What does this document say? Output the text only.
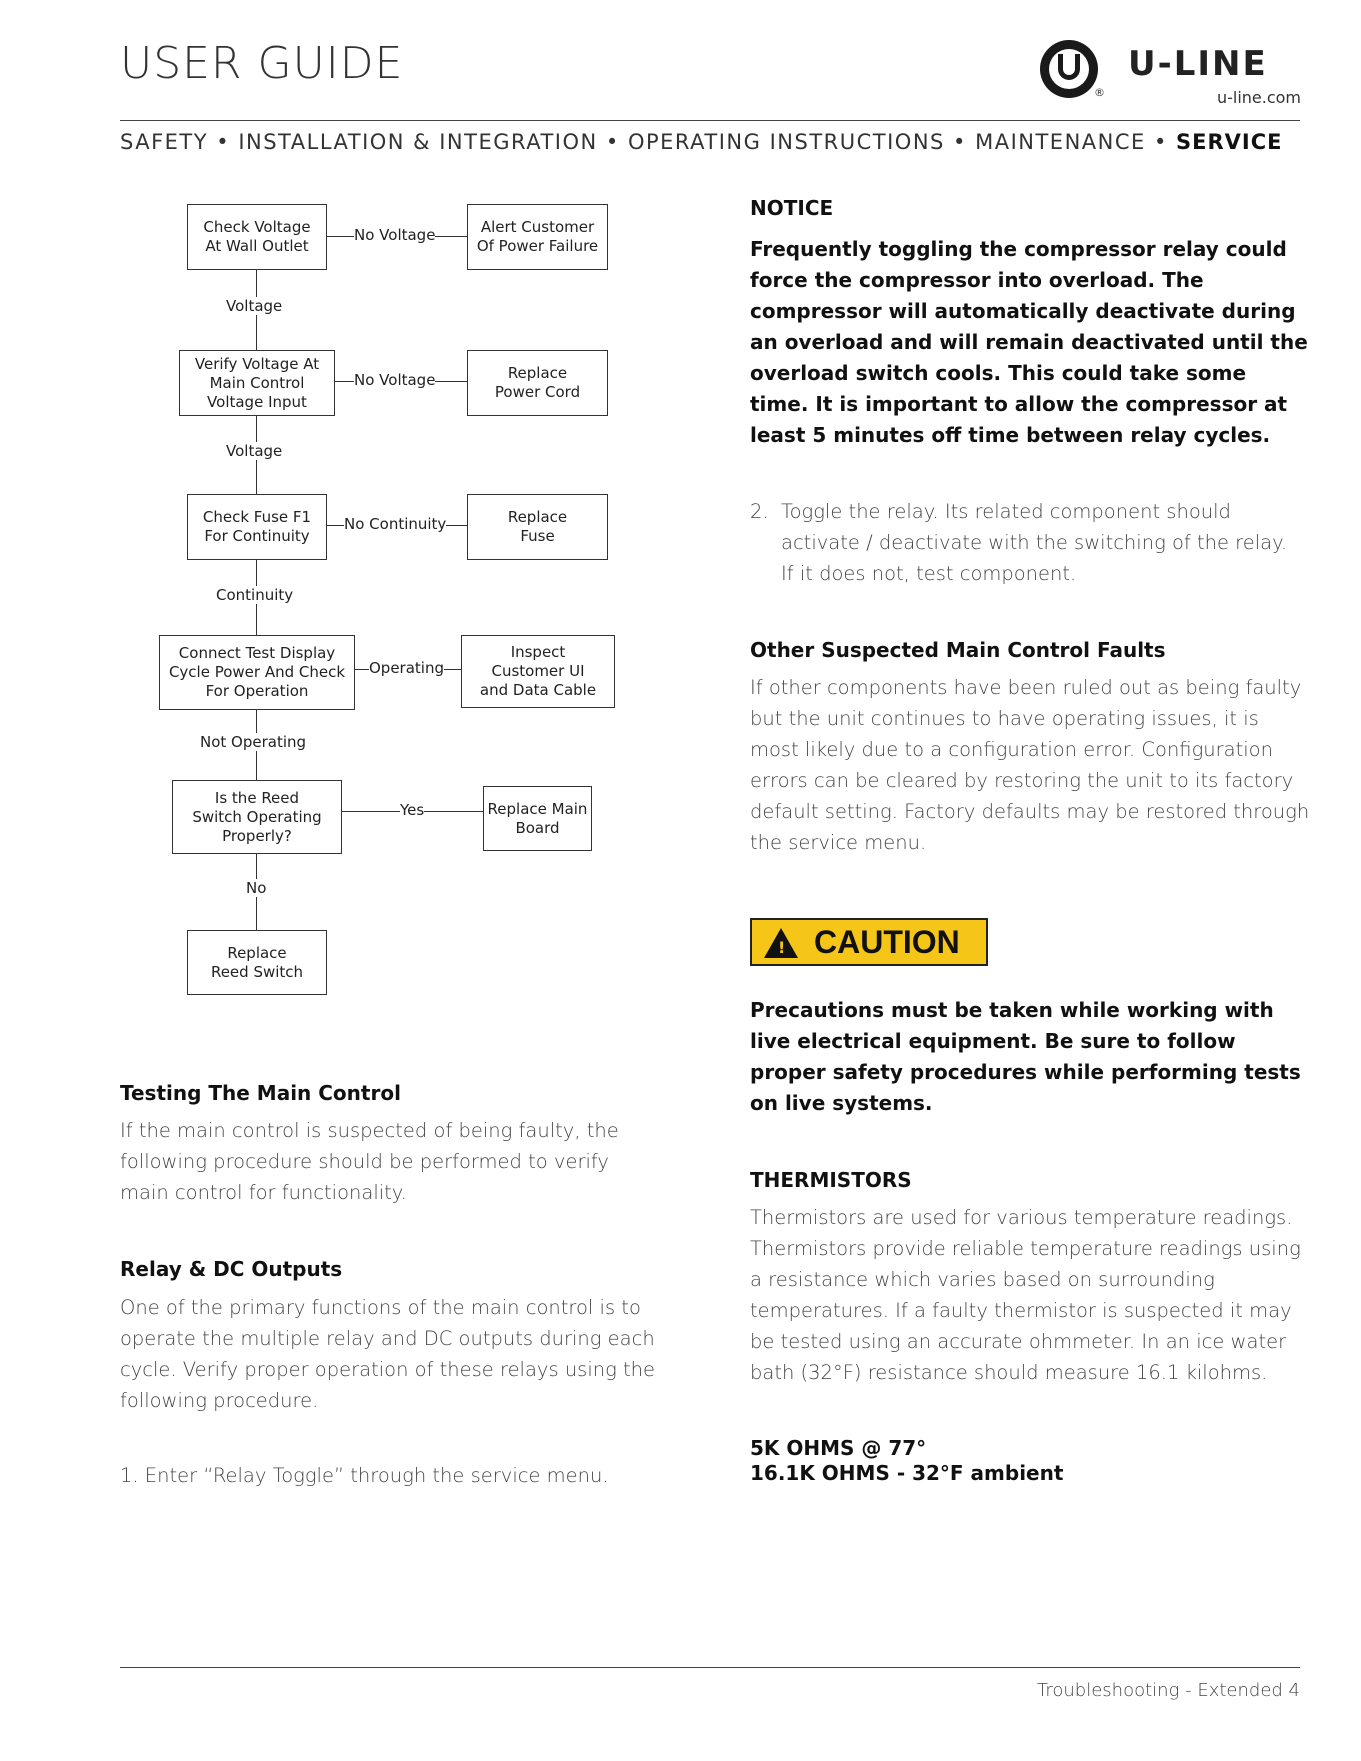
USER GUIDE
®
U-LINE
u-line.com
SAFETY • INSTALLATION & INTEGRATION • OPERATING INSTRUCTIONS • MAINTENANCE • SERVICE
Check Voltage
At Wall Outlet
Alert Customer
Of Power Failure
Verify Voltage At
Main Control
Voltage Input
Replace
Power Cord
Check Fuse F1
For Continuity
Replace
Fuse
Connect Test Display
Cycle Power And Check
For Operation
Inspect
Customer UI
and Data Cable
Is the Reed
Switch Operating
Properly?
Replace Main
Board
Replace
Reed Switch
No Voltage
Voltage
No Voltage
Voltage
No Continuity
Continuity
Operating
Not Operating
Yes
No
Testing The Main Control
If the main control is suspected of being faulty, the following procedure should be performed to verify main control for functionality.
Relay & DC Outputs
One of the primary functions of the main control is to operate the multiple relay and DC outputs during each cycle. Verify proper operation of these relays using the following procedure.
1. Enter “Relay Toggle” through the service menu.
NOTICE
Frequently toggling the compressor relay could force the compressor into overload. The compressor will automatically deactivate during an overload and will remain deactivated until the overload switch cools. This could take some time. It is important to allow the compressor at least 5 minutes off time between relay cycles.
2. Toggle the relay. Its related component should activate / deactivate with the switching of the relay. If it does not, test component.
Other Suspected Main Control Faults
If other components have been ruled out as being faulty but the unit continues to have operating issues, it is most likely due to a configuration error. Configuration errors can be cleared by restoring the unit to its factory default setting. Factory defaults may be restored through the service menu.
! CAUTION
Precautions must be taken while working with live electrical equipment. Be sure to follow proper safety procedures while performing tests on live systems.
THERMISTORS
Thermistors are used for various temperature readings. Thermistors provide reliable temperature readings using a resistance which varies based on surrounding temperatures. If a faulty thermistor is suspected it may be tested using an accurate ohmmeter. In an ice water bath (32°F) resistance should measure 16.1 kilohms.
5K OHMS @ 77°
16.1K OHMS - 32°F ambient
Troubleshooting - Extended 4
